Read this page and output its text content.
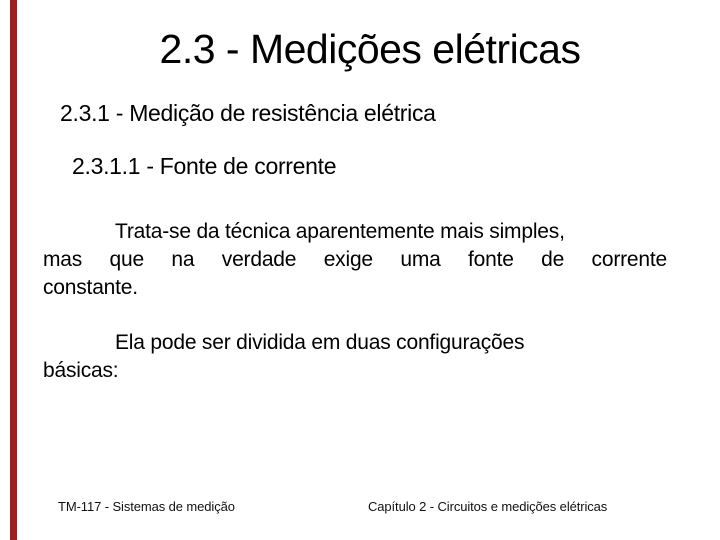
2.3 - Medições elétricas
2.3.1 - Medição de resistência elétrica
2.3.1.1 - Fonte de corrente
Trata-se da técnica aparentemente mais simples,
mas que na verdade exige uma fonte de corrente
constante.
Ela pode ser dividida em duas configurações
básicas:
TM-117 - Sistemas de medição	Capítulo 2 - Circuitos e medições elétricas
